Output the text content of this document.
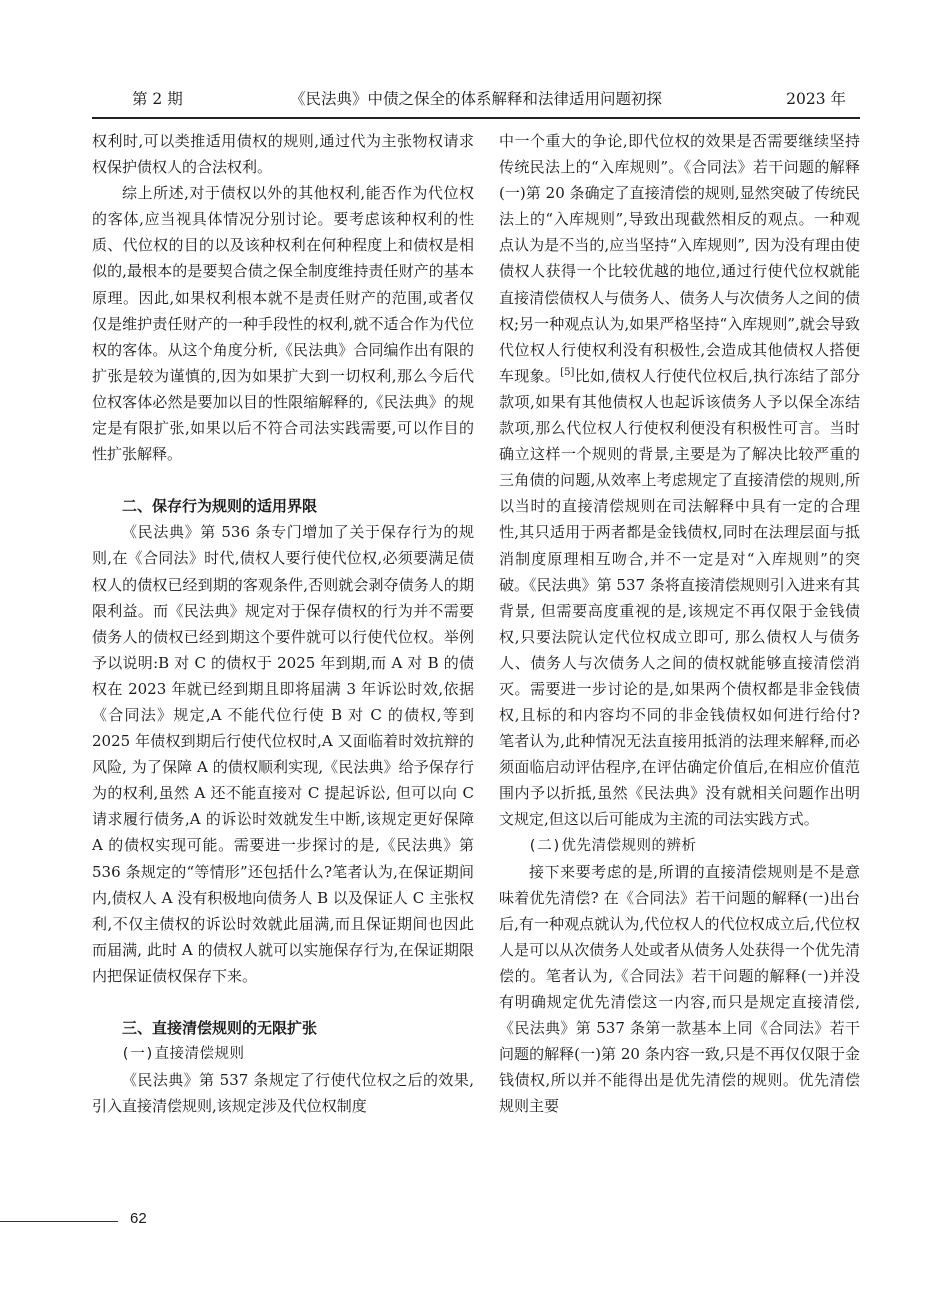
第 2 期	《民法典》中债之保全的体系解释和法律适用问题初探	2023 年

权利时,可以类推适用债权的规则,通过代为主张物权请求权保护债权人的合法权利。

综上所述,对于债权以外的其他权利,能否作为代位权的客体,应当视具体情况分别讨论。要考虑该种权利的性质、代位权的目的以及该种权利在何种程度上和债权是相似的,最根本的是要契合债之保全制度维持责任财产的基本原理。因此,如果权利根本就不是责任财产的范围,或者仅仅是维护责任财产的一种手段性的权利,就不适合作为代位权的客体。从这个角度分析,《民法典》合同编作出有限的扩张是较为谨慎的,因为如果扩大到一切权利,那么今后代位权客体必然是要加以目的性限缩解释的,《民法典》的规定是有限扩张,如果以后不符合司法实践需要,可以作目的性扩张解释。

二、保存行为规则的适用界限

《民法典》第 536 条专门增加了关于保存行为的规则,在《合同法》时代,债权人要行使代位权,必须要满足债权人的债权已经到期的客观条件,否则就会剥夺债务人的期限利益。而《民法典》规定对于保存债权的行为并不需要债务人的债权已经到期这个要件就可以行使代位权。举例予以说明:B 对 C 的债权于 2025 年到期,而 A 对 B 的债权在 2023 年就已经到期且即将届满 3 年诉讼时效,依据《合同法》规定,A 不能代位行使 B 对 C 的债权,等到 2025 年债权到期后行使代位权时,A 又面临着时效抗辩的风险, 为了保障 A 的债权顺利实现,《民法典》给予保存行为的权利,虽然 A 还不能直接对 C 提起诉讼, 但可以向 C 请求履行债务,A 的诉讼时效就发生中断,该规定更好保障 A 的债权实现可能。需要进一步探讨的是,《民法典》第 536 条规定的“等情形”还包括什么?笔者认为,在保证期间内,债权人 A 没有积极地向债务人 B 以及保证人 C 主张权利,不仅主债权的诉讼时效就此届满,而且保证期间也因此而届满, 此时 A 的债权人就可以实施保存行为,在保证期限内把保证债权保存下来。

三、直接清偿规则的无限扩张
(一)直接清偿规则

《民法典》第 537 条规定了行使代位权之后的效果,引入直接清偿规则,该规定涉及代位权制度

中一个重大的争论,即代位权的效果是否需要继续坚持传统民法上的“入库规则”。《合同法》若干问题的解释(一)第 20 条确定了直接清偿的规则,显然突破了传统民法上的“入库规则”,导致出现截然相反的观点。一种观点认为是不当的,应当坚持“入库规则”, 因为没有理由使债权人获得一个比较优越的地位,通过行使代位权就能直接清偿债权人与债务人、债务人与次债务人之间的债权;另一种观点认为,如果严格坚持“入库规则”,就会导致代位权人行使权利没有积极性,会造成其他债权人搭便车现象。[5]比如,债权人行使代位权后,执行冻结了部分款项,如果有其他债权人也起诉该债务人予以保全冻结款项,那么代位权人行使权利便没有积极性可言。当时确立这样一个规则的背景,主要是为了解决比较严重的三角债的问题,从效率上考虑规定了直接清偿的规则,所以当时的直接清偿规则在司法解释中具有一定的合理性,其只适用于两者都是金钱债权,同时在法理层面与抵消制度原理相互吻合,并不一定是对“入库规则”的突破。《民法典》第 537 条将直接清偿规则引入进来有其背景, 但需要高度重视的是,该规定不再仅限于金钱债权,只要法院认定代位权成立即可, 那么债权人与债务人、债务人与次债务人之间的债权就能够直接清偿消灭。需要进一步讨论的是,如果两个债权都是非金钱债权,且标的和内容均不同的非金钱债权如何进行给付? 笔者认为,此种情况无法直接用抵消的法理来解释,而必须面临启动评估程序,在评估确定价值后,在相应价值范围内予以折抵,虽然《民法典》没有就相关问题作出明文规定,但这以后可能成为主流的司法实践方式。

(二)优先清偿规则的辨析

接下来要考虑的是,所谓的直接清偿规则是不是意味着优先清偿? 在《合同法》若干问题的解释(一)出台后,有一种观点就认为,代位权人的代位权成立后,代位权人是可以从次债务人处或者从债务人处获得一个优先清偿的。笔者认为,《合同法》若干问题的解释(一)并没有明确规定优先清偿这一内容,而只是规定直接清偿,《民法典》第 537 条第一款基本上同《合同法》若干问题的解释(一)第 20 条内容一致,只是不再仅仅限于金钱债权,所以并不能得出是优先清偿的规则。优先清偿规则主要

62
